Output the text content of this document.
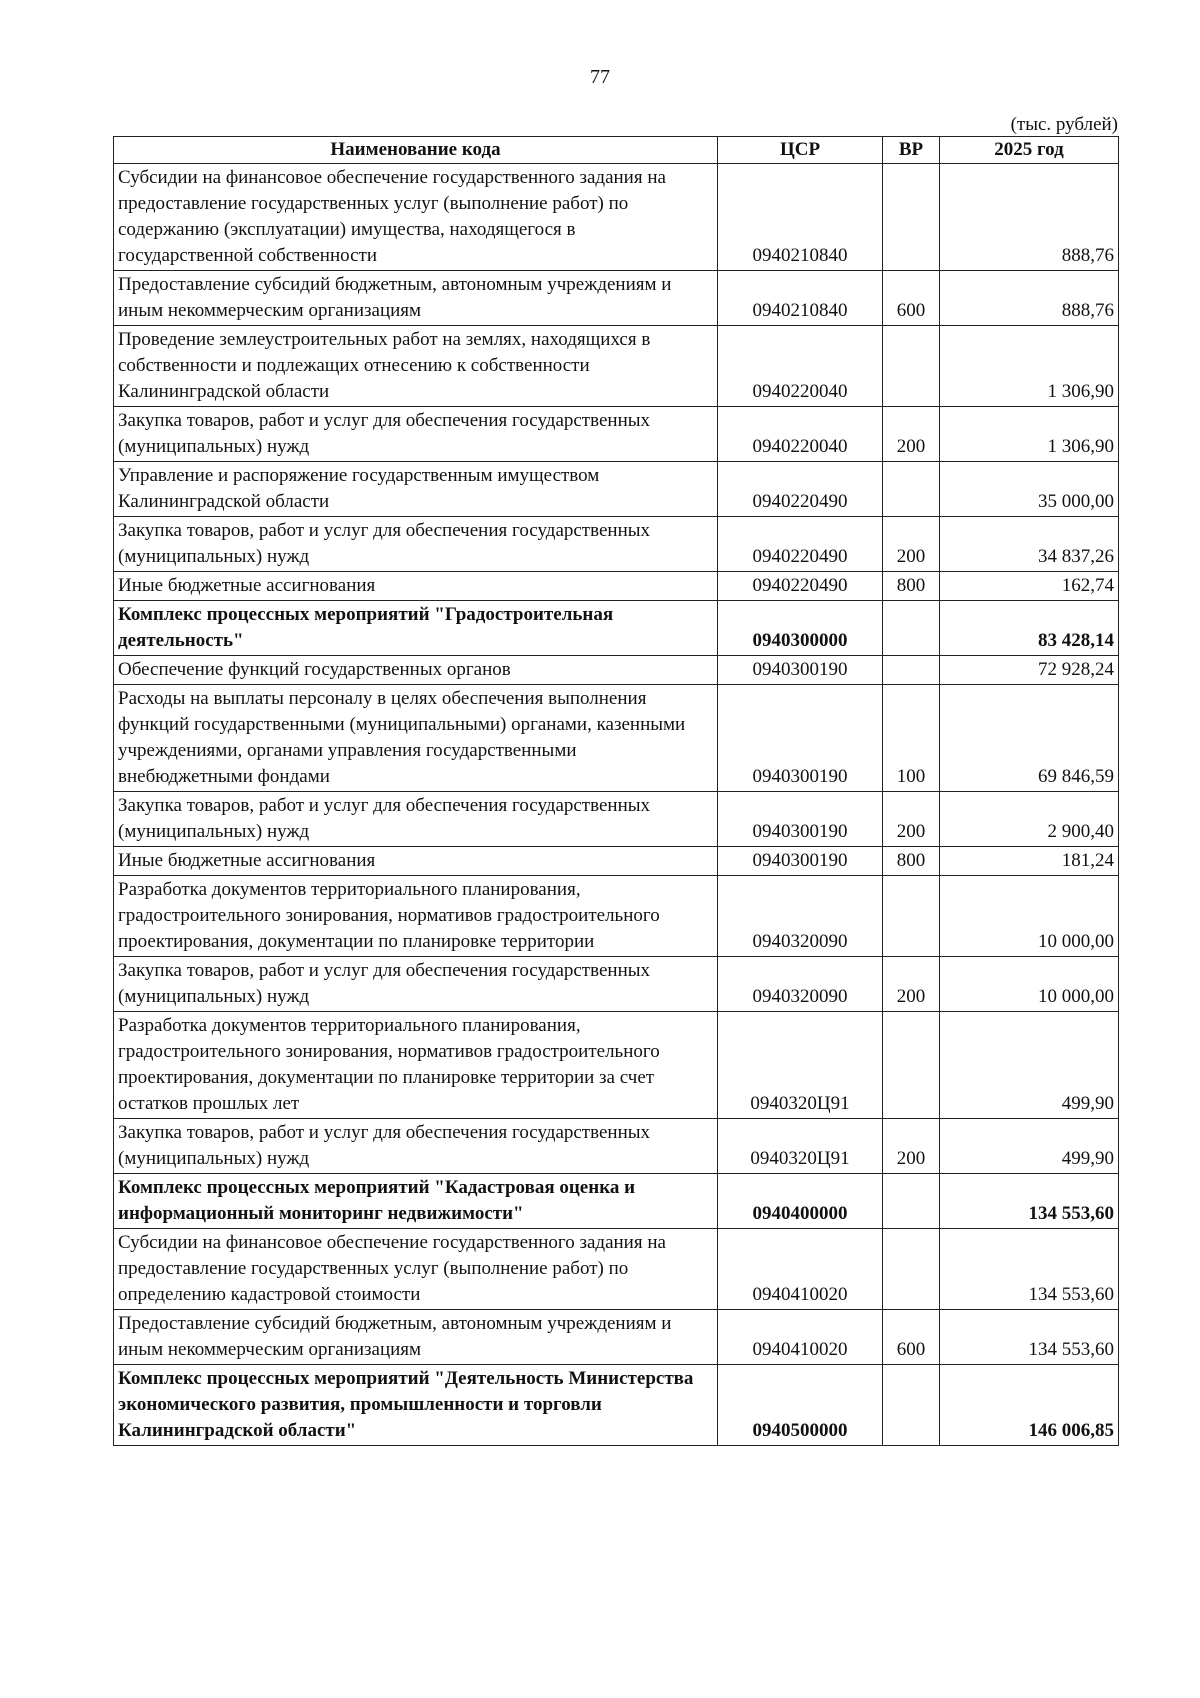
77
(тыс. рублей)
Наименование кода	ЦСР	ВР	2025 год
Субсидии на финансовое обеспечение государственного задания на предоставление государственных услуг (выполнение работ) по содержанию (эксплуатации) имущества, находящегося в государственной собственности	0940210840		888,76
Предоставление субсидий бюджетным, автономным учреждениям и иным некоммерческим организациям	0940210840	600	888,76
Проведение землеустроительных работ на землях, находящихся в собственности и подлежащих отнесению к собственности Калининградской области	0940220040		1 306,90
Закупка товаров, работ и услуг для обеспечения государственных (муниципальных) нужд	0940220040	200	1 306,90
Управление и распоряжение государственным имуществом Калининградской области	0940220490		35 000,00
Закупка товаров, работ и услуг для обеспечения государственных (муниципальных) нужд	0940220490	200	34 837,26
Иные бюджетные ассигнования	0940220490	800	162,74
Комплекс процессных мероприятий "Градостроительная деятельность"	0940300000		83 428,14
Обеспечение функций государственных органов	0940300190		72 928,24
Расходы на выплаты персоналу в целях обеспечения выполнения функций государственными (муниципальными) органами, казенными учреждениями, органами управления государственными внебюджетными фондами	0940300190	100	69 846,59
Закупка товаров, работ и услуг для обеспечения государственных (муниципальных) нужд	0940300190	200	2 900,40
Иные бюджетные ассигнования	0940300190	800	181,24
Разработка документов территориального планирования, градостроительного зонирования, нормативов градостроительного проектирования, документации по планировке территории	0940320090		10 000,00
Закупка товаров, работ и услуг для обеспечения государственных (муниципальных) нужд	0940320090	200	10 000,00
Разработка документов территориального планирования, градостроительного зонирования, нормативов градостроительного проектирования, документации по планировке территории за счет остатков прошлых лет	0940320Ц91		499,90
Закупка товаров, работ и услуг для обеспечения государственных (муниципальных) нужд	0940320Ц91	200	499,90
Комплекс процессных мероприятий "Кадастровая оценка и информационный мониторинг недвижимости"	0940400000		134 553,60
Субсидии на финансовое обеспечение государственного задания на предоставление государственных услуг (выполнение работ) по определению кадастровой стоимости	0940410020		134 553,60
Предоставление субсидий бюджетным, автономным учреждениям и иным некоммерческим организациям	0940410020	600	134 553,60
Комплекс процессных мероприятий "Деятельность Министерства экономического развития, промышленности и торговли Калининградской области"	0940500000		146 006,85
